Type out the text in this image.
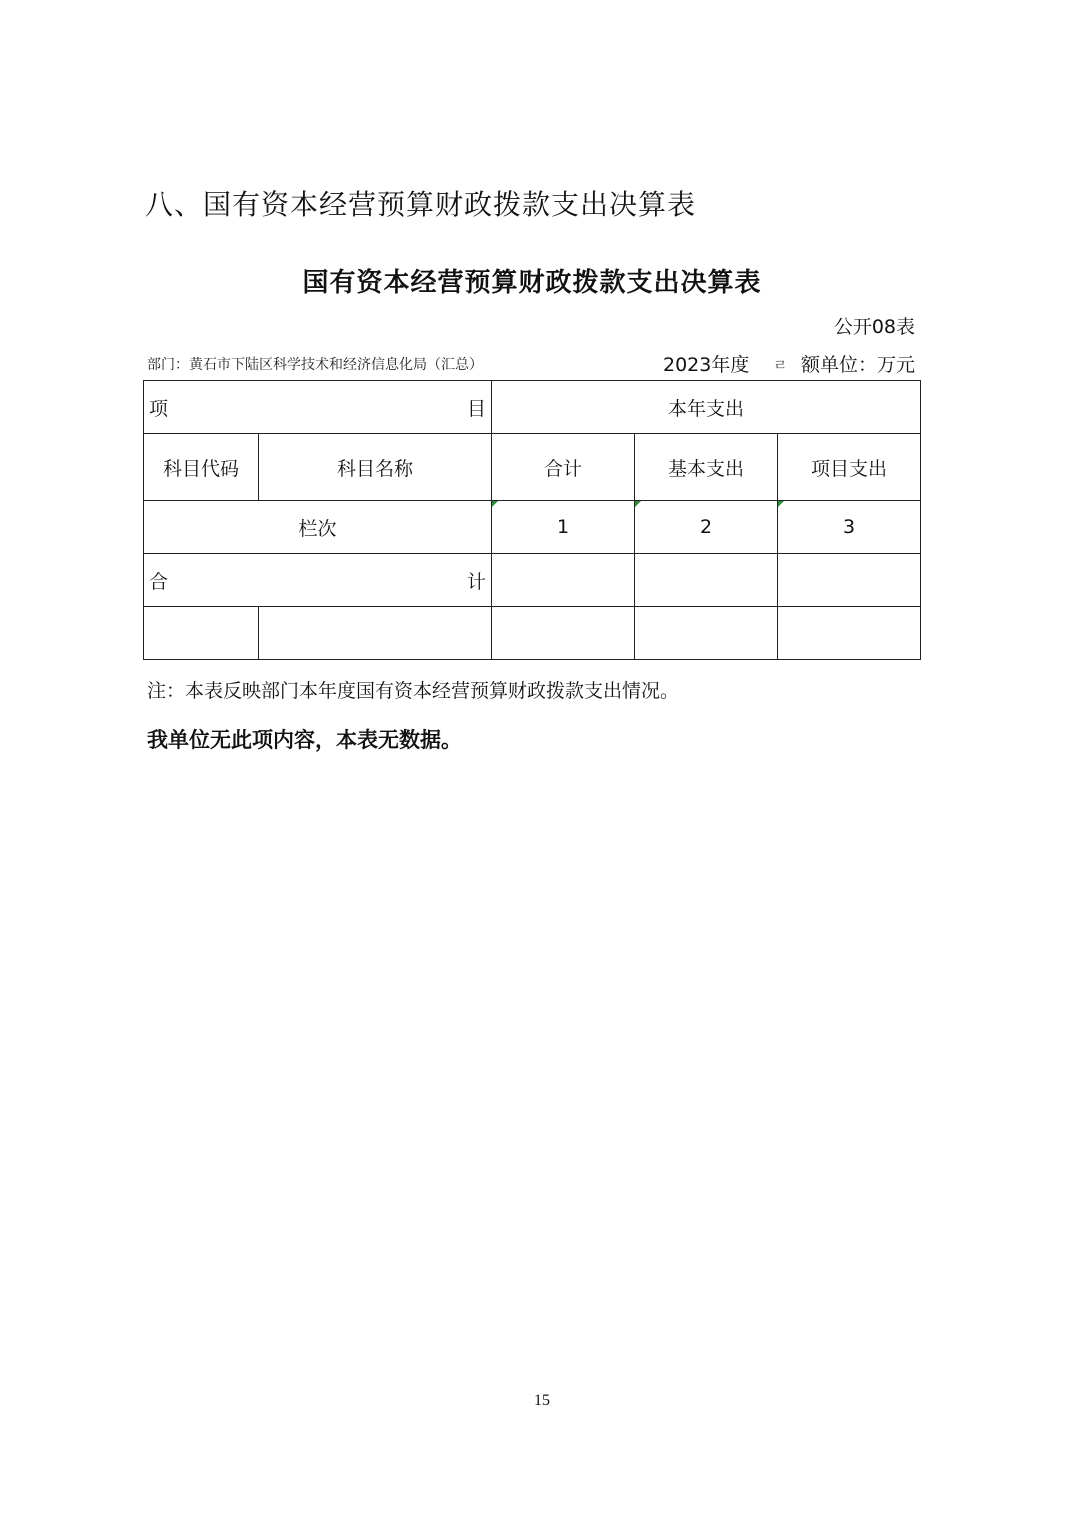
八、国有资本经营预算财政拨款支出决算表
国有资本经营预算财政拨款支出决算表
公开08表
部门：黄石市下陆区科学技术和经济信息化局（汇总）	2023年度 ㄹ 额单位：万元
项 目		本年支出		
科目代码	科目名称	合计	基本支出	项目支出
栏次		1	2	3

合 计				

注：本表反映部门本年度国有资本经营预算财政拨款支出情况。
我单位无此项内容，本表无数据。
15
